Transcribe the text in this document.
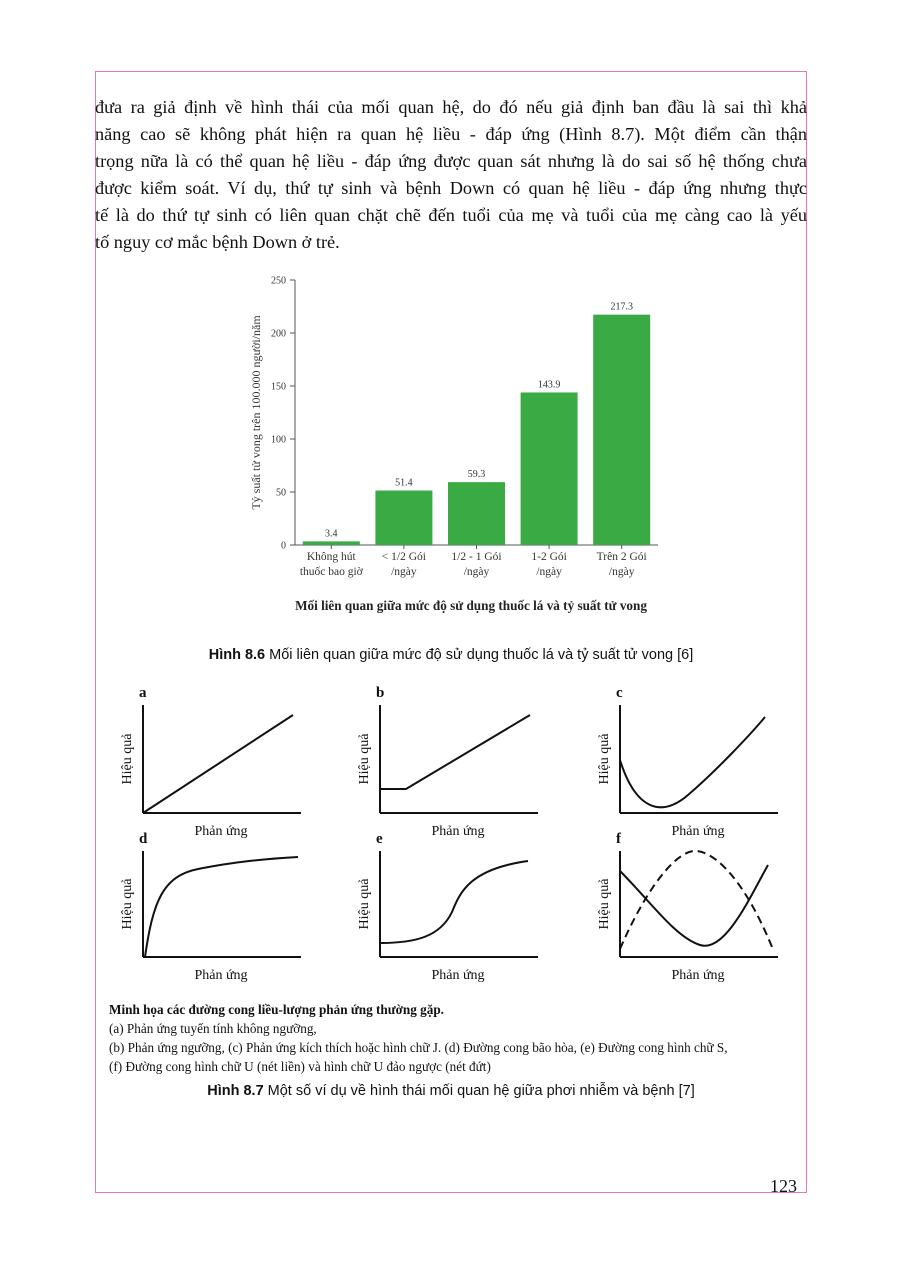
đưa ra giả định về hình thái của mối quan hệ, do đó nếu giả định ban đầu là sai thì khả
năng cao sẽ không phát hiện ra quan hệ liều - đáp ứng (Hình 8.7). Một điểm cần thận
trọng nữa là có thể quan hệ liều - đáp ứng được quan sát nhưng là do sai số hệ thống chưa
được kiểm soát. Ví dụ, thứ tự sinh và bệnh Down có quan hệ liều - đáp ứng nhưng thực
tế là do thứ tự sinh có liên quan chặt chẽ đến tuổi của mẹ và tuổi của mẹ càng cao là yếu
tố nguy cơ mắc bệnh Down ở trẻ.
0
50
100
150
200
250
Tỷ suất tử vong trên 100.000 người/năm
3.4
Không hút
thuốc bao giờ
51.4
< 1/2 Gói
/ngày
59.3
1/2 - 1 Gói
/ngày
143.9
1-2 Gói
/ngày
217.3
Trên 2 Gói
/ngày
Mối liên quan giữa mức độ sử dụng thuốc lá và tỷ suất tử vong
Hình 8.6 Mối liên quan giữa mức độ sử dụng thuốc lá và tỷ suất tử vong [6]
a
Hiệu quả
Phản ứng
b
Hiệu quả
Phản ứng
c
Hiệu quả
Phản ứng
d
Hiệu quả
Phản ứng
e
Hiệu quả
Phản ứng
f
Hiệu quả
Phản ứng
Minh họa các đường cong liều-lượng phản ứng thường gặp.
(a) Phản ứng tuyến tính không ngưỡng,
(b) Phản ứng ngưỡng, (c) Phản ứng kích thích hoặc hình chữ J. (d) Đường cong bão hòa, (e) Đường cong hình chữ S,
(f) Đường cong hình chữ U (nét liền) và hình chữ U đảo ngược (nét đứt)
Hình 8.7 Một số ví dụ về hình thái mối quan hệ giữa phơi nhiễm và bệnh [7]
123
